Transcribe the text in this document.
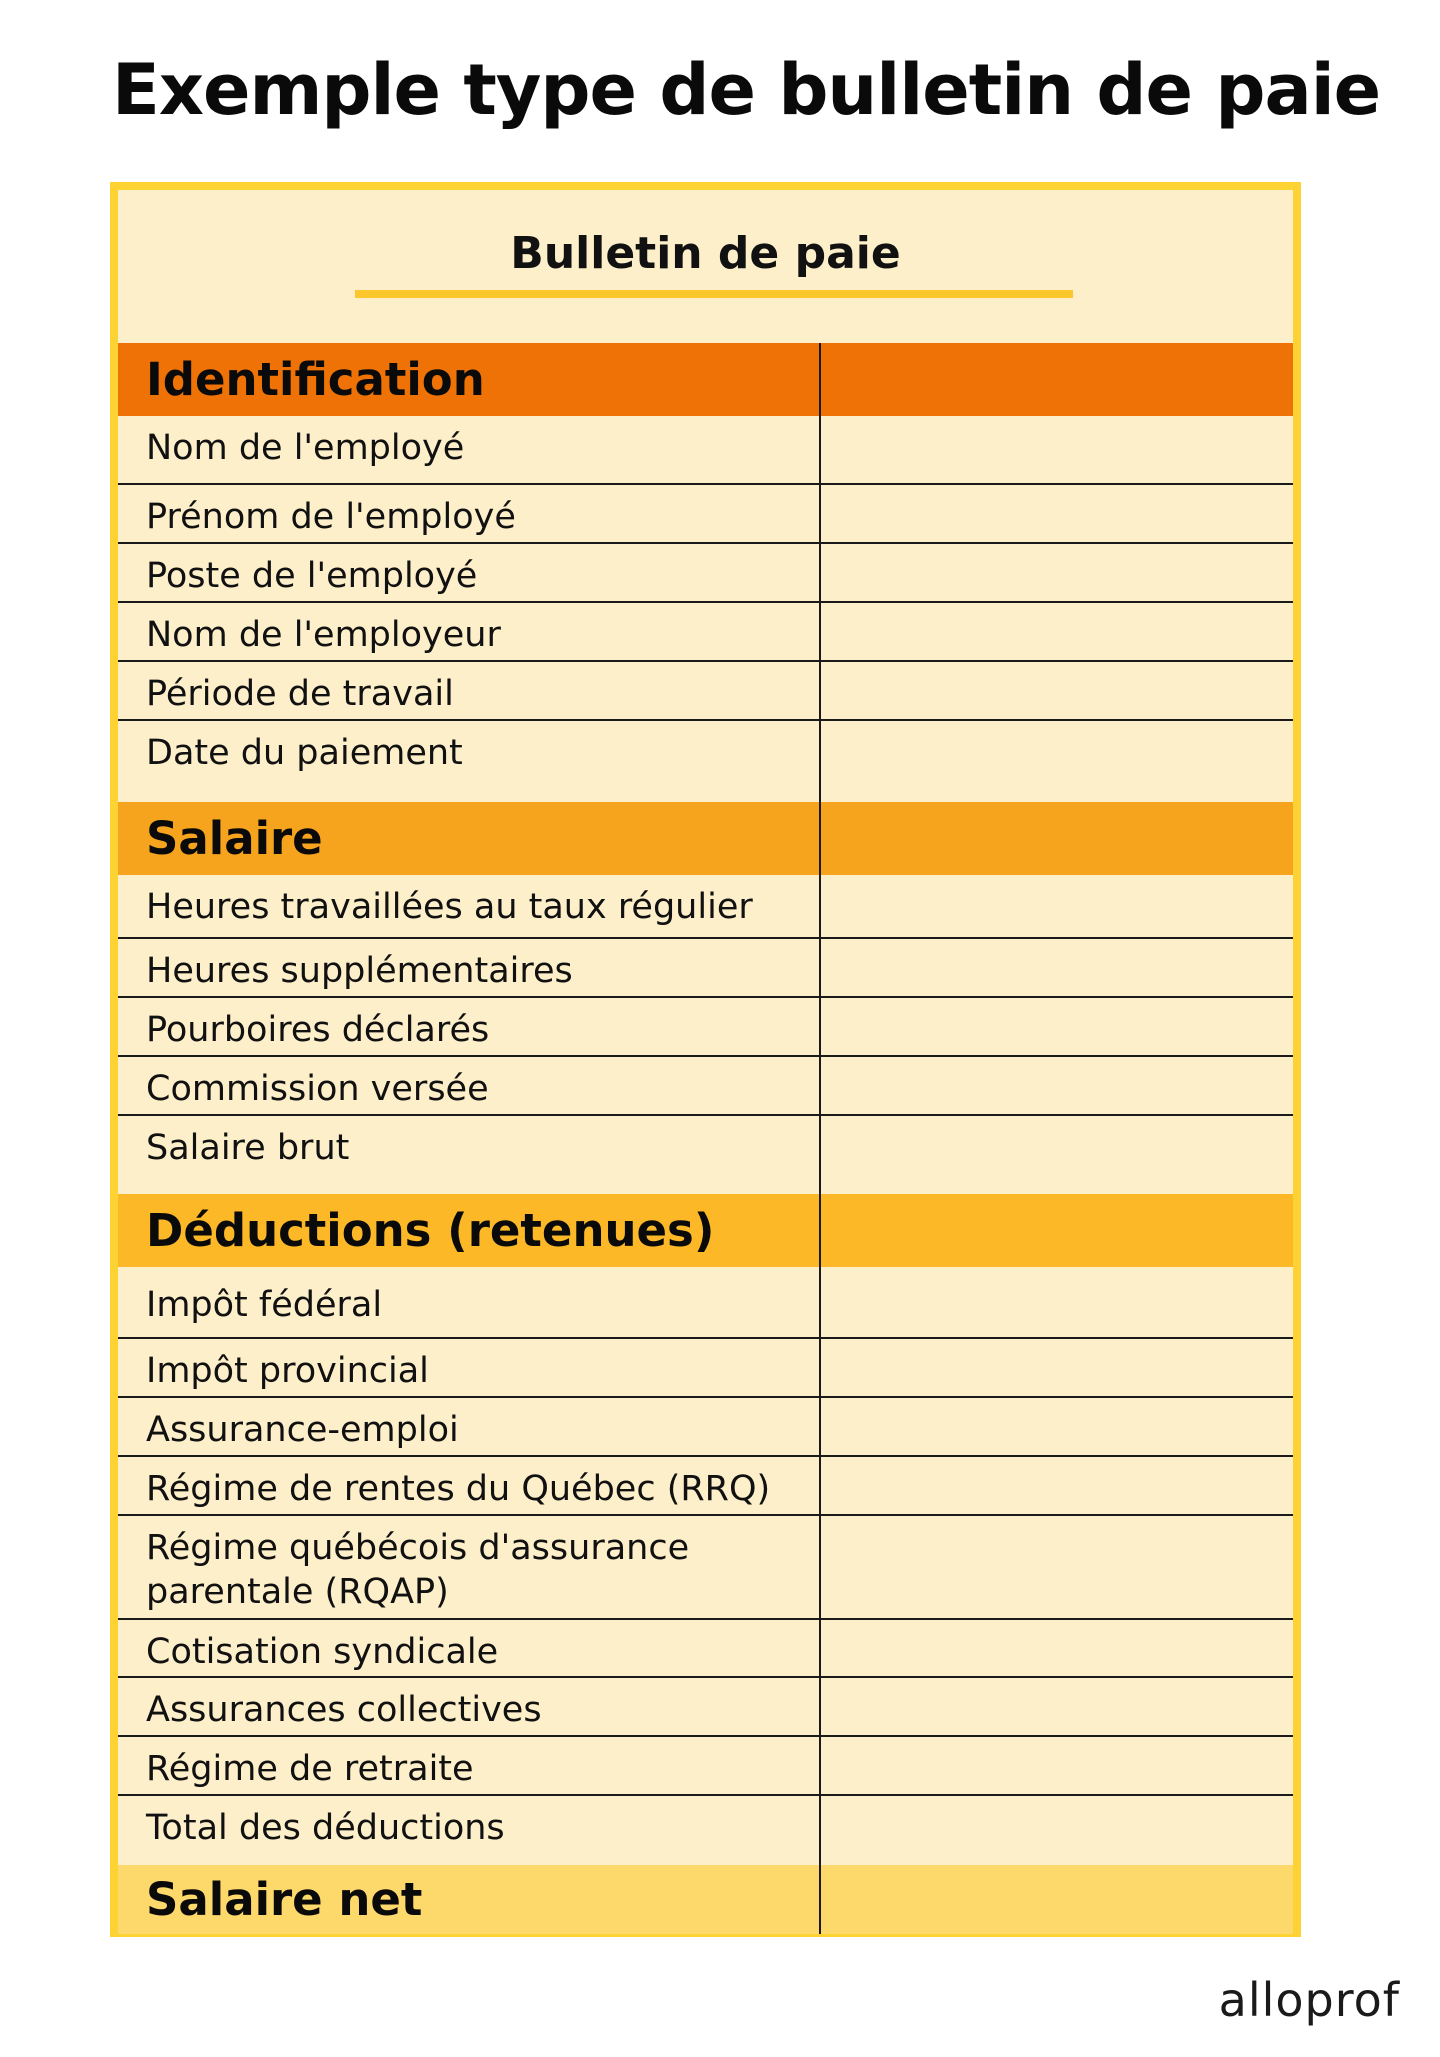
Exemple type de bulletin de paie
Bulletin de paie
Identification
Nom de l'employé
Prénom de l'employé
Poste de l'employé
Nom de l'employeur
Période de travail
Date du paiement
Salaire
Heures travaillées au taux régulier
Heures supplémentaires
Pourboires déclarés
Commission versée
Salaire brut
Déductions (retenues)
Impôt fédéral
Impôt provincial
Assurance-emploi
Régime de rentes du Québec (RRQ)
Régime québécois d'assurance parentale (RQAP)
Cotisation syndicale
Assurances collectives
Régime de retraite
Total des déductions
Salaire net
alloprof
